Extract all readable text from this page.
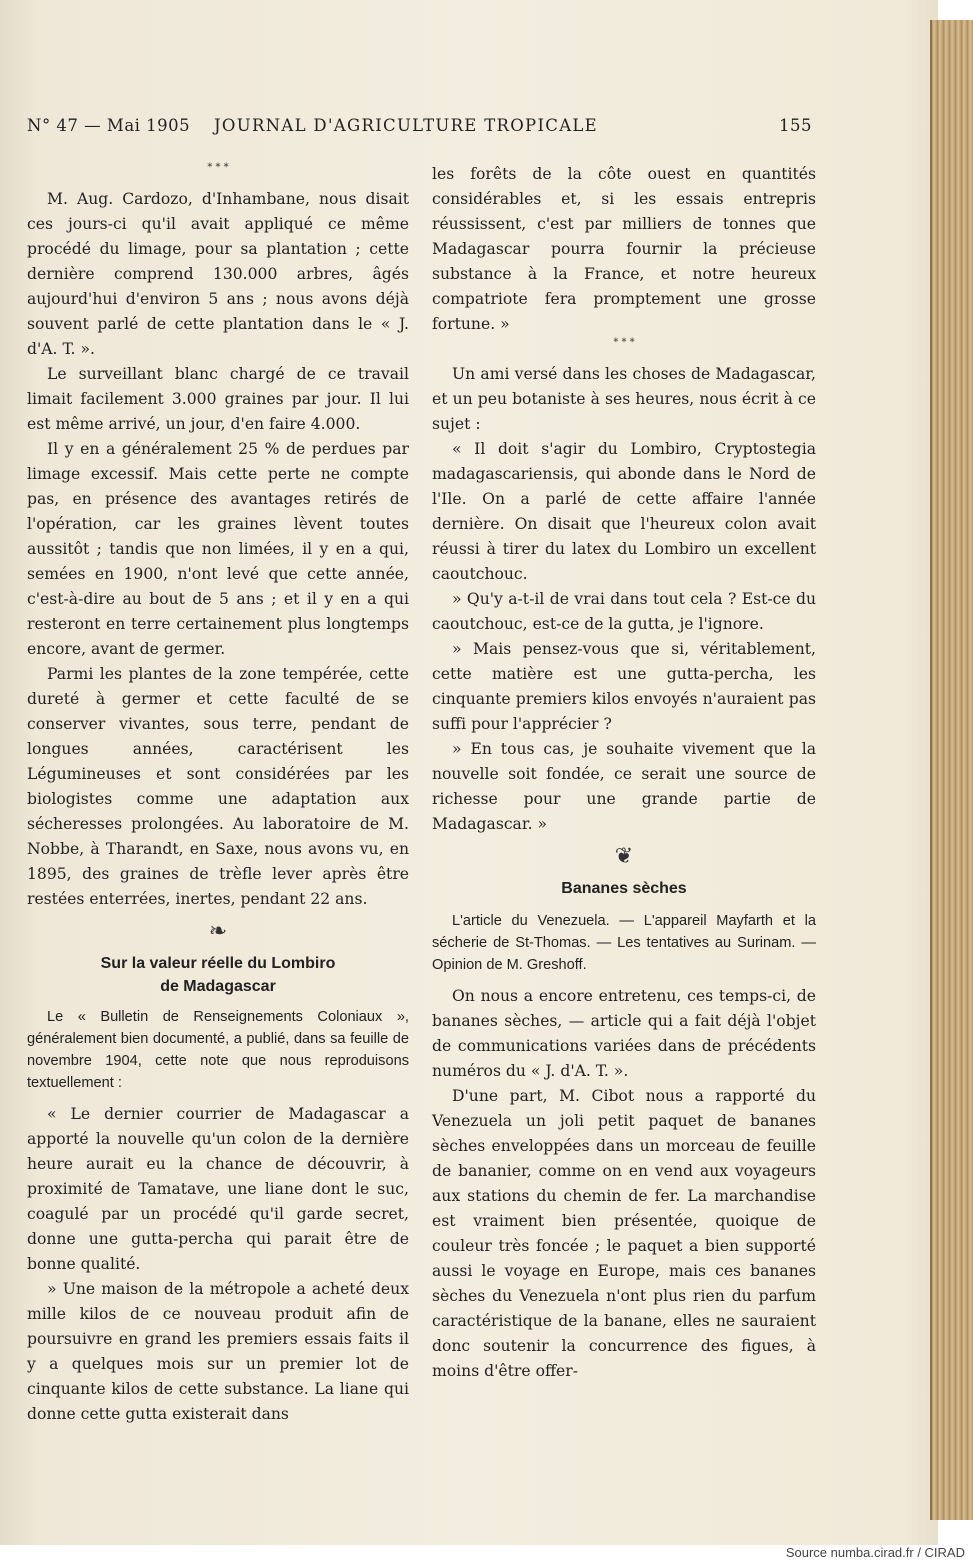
N° 47 — Mai 1905 JOURNAL D'AGRICULTURE TROPICALE	155
* * *

M. Aug. Cardozo, d'Inhambane, nous disait ces jours-ci qu'il avait appliqué ce même procédé du limage, pour sa plantation ; cette dernière comprend 130.000 arbres, âgés aujourd'hui d'environ 5 ans ; nous avons déjà souvent parlé de cette plantation dans le « J. d'A. T. ».

Le surveillant blanc chargé de ce travail limait facilement 3.000 graines par jour. Il lui est même arrivé, un jour, d'en faire 4.000.

Il y en a généralement 25 % de perdues par limage excessif. Mais cette perte ne compte pas, en présence des avantages retirés de l'opération, car les graines lèvent toutes aussitôt ; tandis que non limées, il y en a qui, semées en 1900, n'ont levé que cette année, c'est-à-dire au bout de 5 ans ; et il y en a qui resteront en terre certainement plus longtemps encore, avant de germer.

Parmi les plantes de la zone tempérée, cette dureté à germer et cette faculté de se conserver vivantes, sous terre, pendant de longues années, caractérisent les Légumineuses et sont considérées par les biologistes comme une adaptation aux sécheresses prolongées. Au laboratoire de M. Nobbe, à Tharandt, en Saxe, nous avons vu, en 1895, des graines de trèfle lever après être restées enterrées, inertes, pendant 22 ans.

❧
Sur la valeur réelle du Lombiro
de Madagascar

Le « Bulletin de Renseignements Coloniaux », généralement bien documenté, a publié, dans sa feuille de novembre 1904, cette note que nous reproduisons textuellement :

« Le dernier courrier de Madagascar a apporté la nouvelle qu'un colon de la dernière heure aurait eu la chance de découvrir, à proximité de Tamatave, une liane dont le suc, coagulé par un procédé qu'il garde secret, donne une gutta-percha qui parait être de bonne qualité.

» Une maison de la métropole a acheté deux mille kilos de ce nouveau produit afin de poursuivre en grand les premiers essais faits il y a quelques mois sur un premier lot de cinquante kilos de cette substance. La liane qui donne cette gutta existerait dans

les forêts de la côte ouest en quantités considérables et, si les essais entrepris réussissent, c'est par milliers de tonnes que Madagascar pourra fournir la précieuse substance à la France, et notre heureux compatriote fera promptement une grosse fortune. »

* * *

Un ami versé dans les choses de Madagascar, et un peu botaniste à ses heures, nous écrit à ce sujet :

« Il doit s'agir du Lombiro, Cryptostegia madagascariensis, qui abonde dans le Nord de l'Ile. On a parlé de cette affaire l'année dernière. On disait que l'heureux colon avait réussi à tirer du latex du Lombiro un excellent caoutchouc.

» Qu'y a-t-il de vrai dans tout cela ? Est-ce du caoutchouc, est-ce de la gutta, je l'ignore.

» Mais pensez-vous que si, véritablement, cette matière est une gutta-percha, les cinquante premiers kilos envoyés n'auraient pas suffi pour l'apprécier ?

» En tous cas, je souhaite vivement que la nouvelle soit fondée, ce serait une source de richesse pour une grande partie de Madagascar. »

❦
Bananes sèches

L'article du Venezuela. — L'appareil Mayfarth et la sécherie de St-Thomas. — Les tentatives au Surinam. — Opinion de M. Greshoff.

On nous a encore entretenu, ces temps-ci, de bananes sèches, — article qui a fait déjà l'objet de communications variées dans de précédents numéros du « J. d'A. T. ».

D'une part, M. Cibot nous a rapporté du Venezuela un joli petit paquet de bananes sèches enveloppées dans un morceau de feuille de bananier, comme on en vend aux voyageurs aux stations du chemin de fer. La marchandise est vraiment bien présentée, quoique de couleur très foncée ; le paquet a bien supporté aussi le voyage en Europe, mais ces bananes sèches du Venezuela n'ont plus rien du parfum caractéristique de la banane, elles ne sauraient donc soutenir la concurrence des figues, à moins d'être offer-

Source numba.cirad.fr / CIRAD
